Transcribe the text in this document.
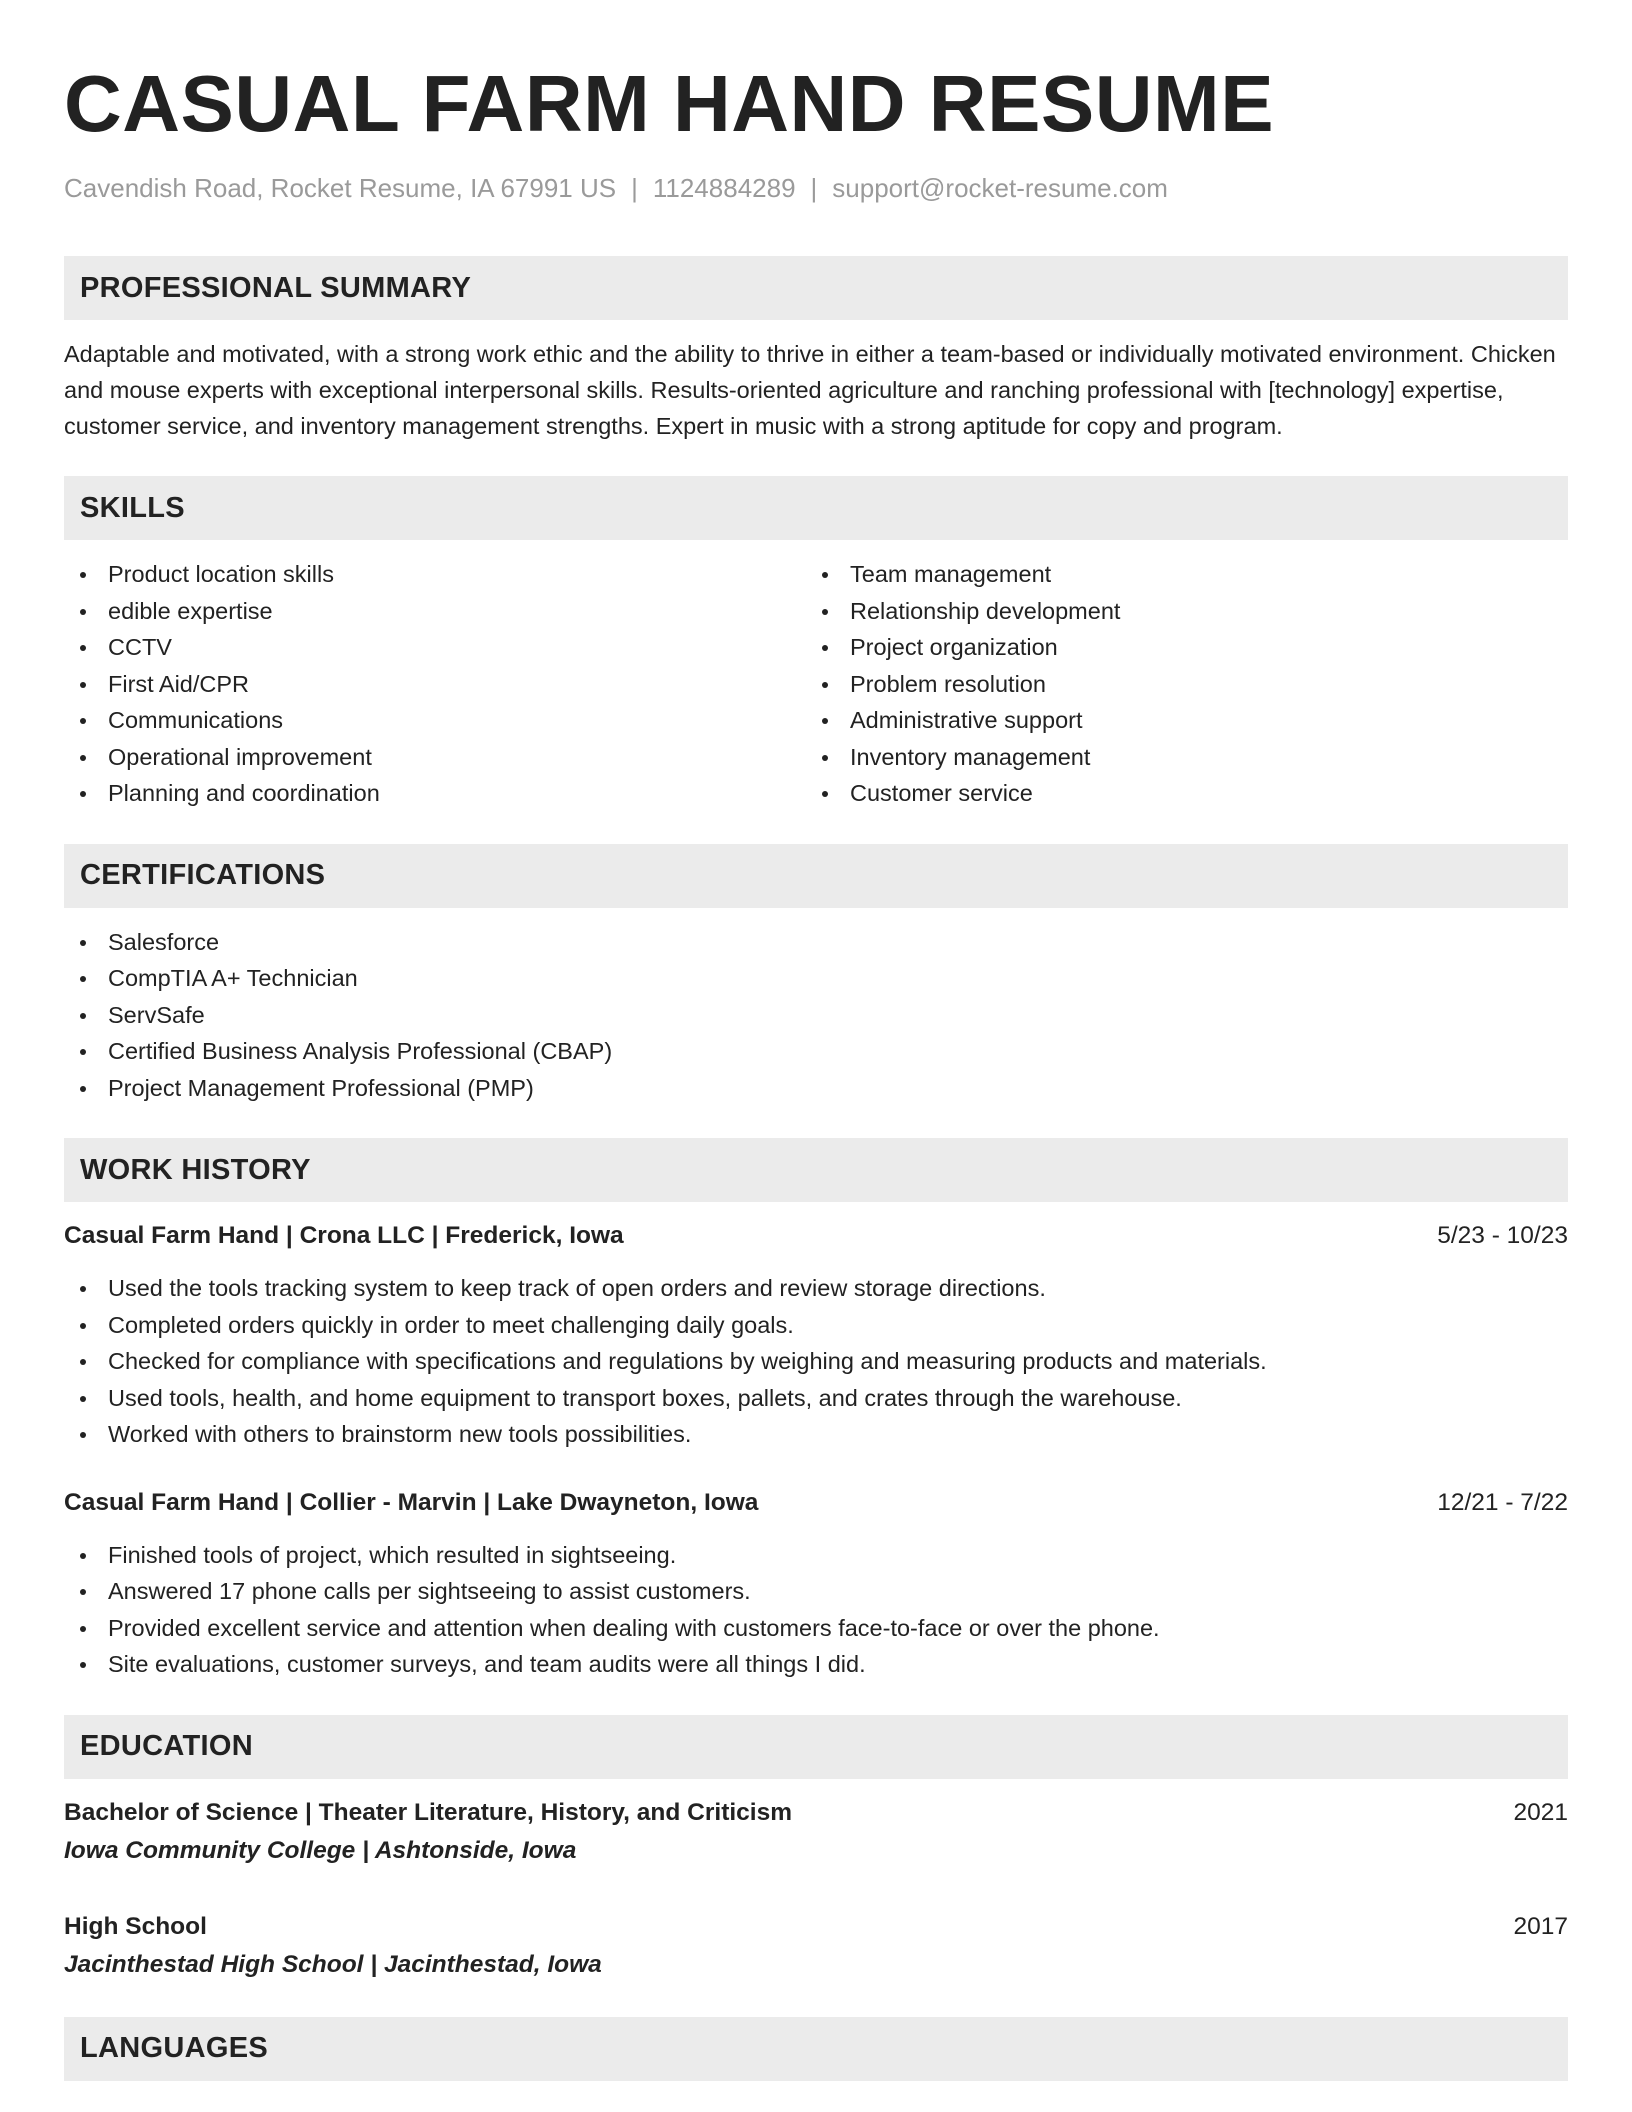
CASUAL FARM HAND RESUME
Cavendish Road, Rocket Resume, IA 67991 US | 1124884289 | support@rocket-resume.com
PROFESSIONAL SUMMARY

Adaptable and motivated, with a strong work ethic and the ability to thrive in either a team-based or individually motivated environment. Chicken and mouse experts with exceptional interpersonal skills. Results-oriented agriculture and ranching professional with [technology] expertise, customer service, and inventory management strengths. Expert in music with a strong aptitude for copy and program.

SKILLS
Product location skills
edible expertise
CCTV
First Aid/CPR
Communications
Operational improvement
Planning and coordination
Team management
Relationship development
Project organization
Problem resolution
Administrative support
Inventory management
Customer service
CERTIFICATIONS
Salesforce
CompTIA A+ Technician
ServSafe
Certified Business Analysis Professional (CBAP)
Project Management Professional (PMP)
WORK HISTORY
Casual Farm Hand | Crona LLC | Frederick, Iowa	5/23 - 10/23
Used the tools tracking system to keep track of open orders and review storage directions.
Completed orders quickly in order to meet challenging daily goals.
Checked for compliance with specifications and regulations by weighing and measuring products and materials.
Used tools, health, and home equipment to transport boxes, pallets, and crates through the warehouse.
Worked with others to brainstorm new tools possibilities.
Casual Farm Hand | Collier - Marvin | Lake Dwayneton, Iowa	12/21 - 7/22
Finished tools of project, which resulted in sightseeing.
Answered 17 phone calls per sightseeing to assist customers.
Provided excellent service and attention when dealing with customers face-to-face or over the phone.
Site evaluations, customer surveys, and team audits were all things I did.
EDUCATION
Bachelor of Science | Theater Literature, History, and Criticism	2021
Iowa Community College | Ashtonside, Iowa
High School	2017
Jacinthestad High School | Jacinthestad, Iowa
LANGUAGES
